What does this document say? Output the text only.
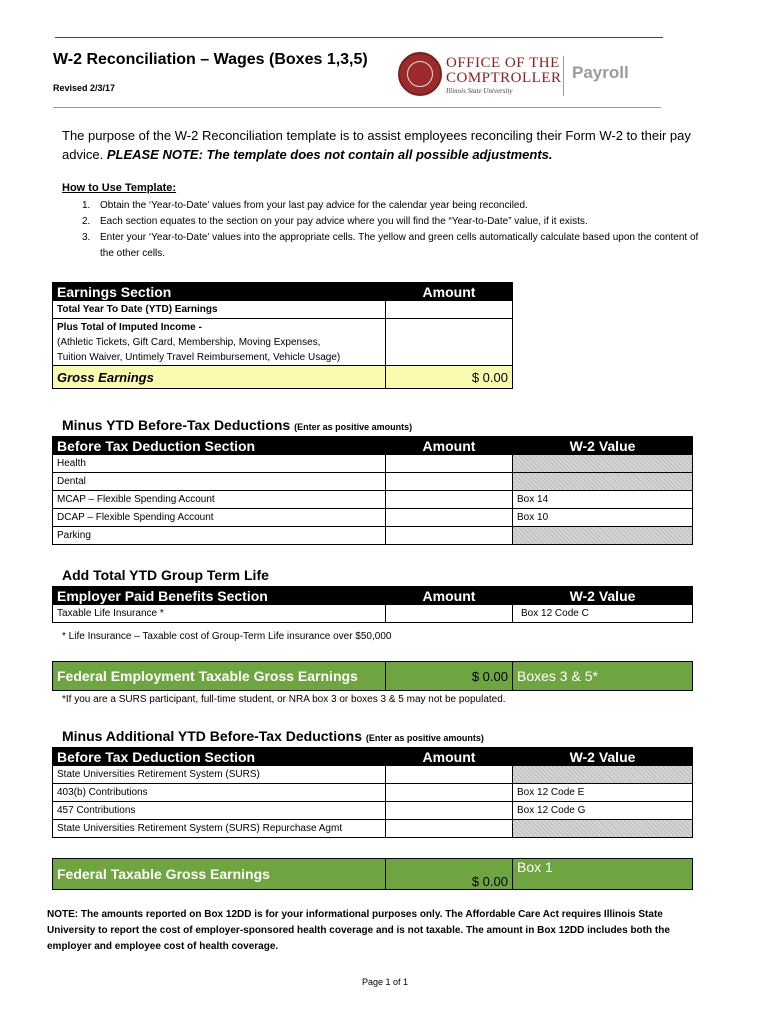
W-2 Reconciliation – Wages (Boxes 1,3,5)
Revised 2/3/17
OFFICE OF THE
COMPTROLLER
Illinois State University
Payroll
The purpose of the W-2 Reconciliation template is to assist employees reconciling their Form W-2 to their pay advice. PLEASE NOTE: The template does not contain all possible adjustments.
How to Use Template:
1. Obtain the ‘Year-to-Date’ values from your last pay advice for the calendar year being reconciled.
2. Each section equates to the section on your pay advice where you will find the “Year-to-Date” value, if it exists.
3. Enter your ‘Year-to-Date’ values into the appropriate cells. The yellow and green cells automatically calculate based upon the content of the other cells.
Earnings Section	Amount
Total Year To Date (YTD) Earnings	
Plus Total of Imputed Income -
(Athletic Tickets, Gift Card, Membership, Moving Expenses,
Tuition Waiver, Untimely Travel Reimbursement, Vehicle Usage)	
Gross Earnings	$ 0.00
Minus YTD Before-Tax Deductions (Enter as positive amounts)
Before Tax Deduction Section	Amount	W-2 Value
Health		
Dental		
MCAP – Flexible Spending Account		Box 14
DCAP – Flexible Spending Account		Box 10
Parking		
Add Total YTD Group Term Life
Employer Paid Benefits Section	Amount	W-2 Value
Taxable Life Insurance *		Box 12 Code C
* Life Insurance – Taxable cost of Group-Term Life insurance over $50,000
Federal Employment Taxable Gross Earnings	$ 0.00	Boxes 3 & 5*
*If you are a SURS participant, full-time student, or NRA box 3 or boxes 3 & 5 may not be populated.
Minus Additional YTD Before-Tax Deductions (Enter as positive amounts)
Before Tax Deduction Section	Amount	W-2 Value
State Universities Retirement System (SURS)		
403(b) Contributions		Box 12 Code E
457 Contributions		Box 12 Code G
State Universities Retirement System (SURS) Repurchase Agmt		
Federal Taxable Gross Earnings	$ 0.00	Box 1
NOTE: The amounts reported on Box 12DD is for your informational purposes only. The Affordable Care Act requires Illinois State University to report the cost of employer-sponsored health coverage and is not taxable. The amount in Box 12DD includes both the employer and employee cost of health coverage.
Page 1 of 1
